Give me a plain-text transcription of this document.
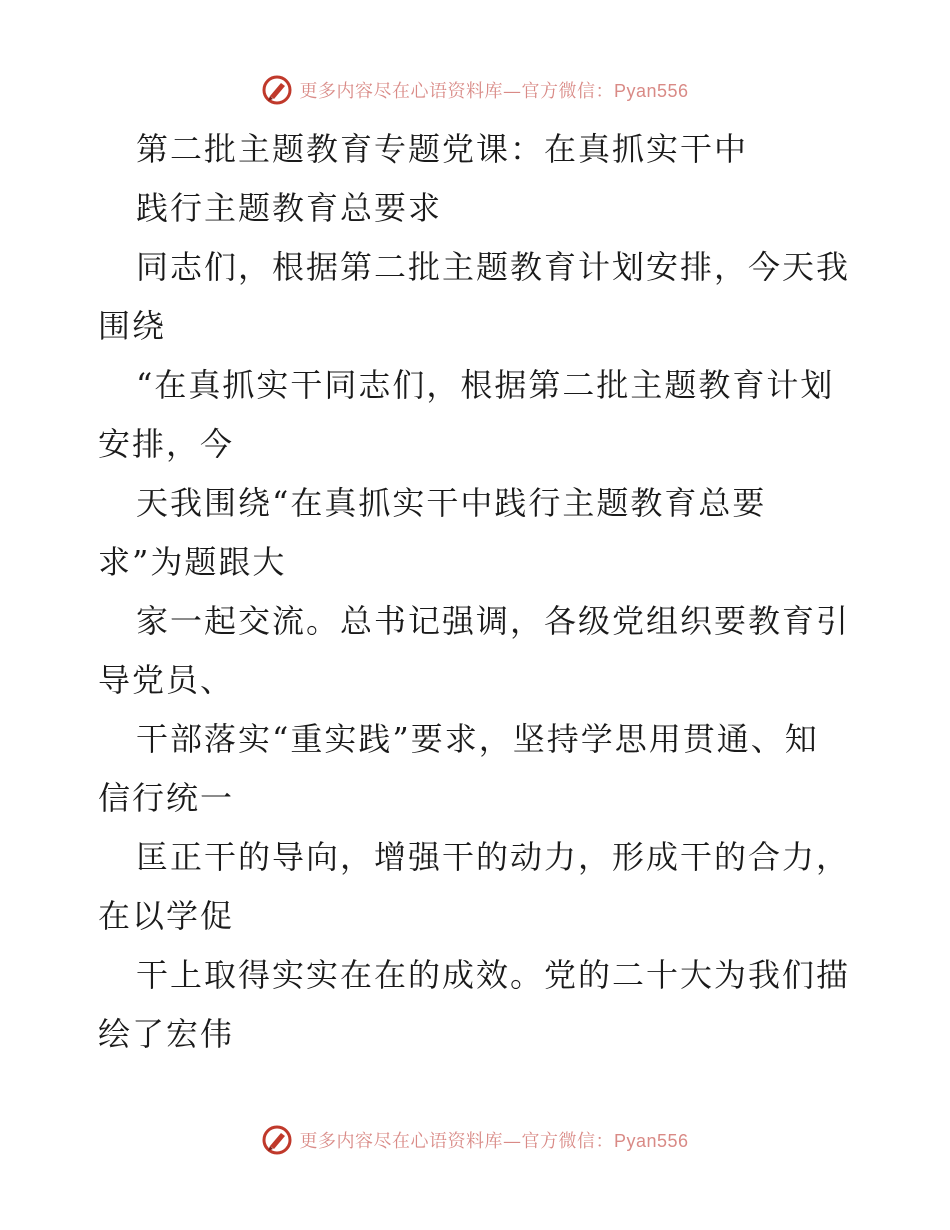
更多内容尽在心语资料库—官方微信：Pyan556
第二批主题教育专题党课：在真抓实干中
践行主题教育总要求
同志们，根据第二批主题教育计划安排，今天我
围绕
“在真抓实干同志们，根据第二批主题教育计划
安排，今
天我围绕“在真抓实干中践行主题教育总要
求”为题跟大
家一起交流。总书记强调，各级党组织要教育引
导党员、
干部落实“重实践”要求，坚持学思用贯通、知
信行统一
匡正干的导向，增强干的动力，形成干的合力，
在以学促
干上取得实实在在的成效。党的二十大为我们描
绘了宏伟
更多内容尽在心语资料库—官方微信：Pyan556
